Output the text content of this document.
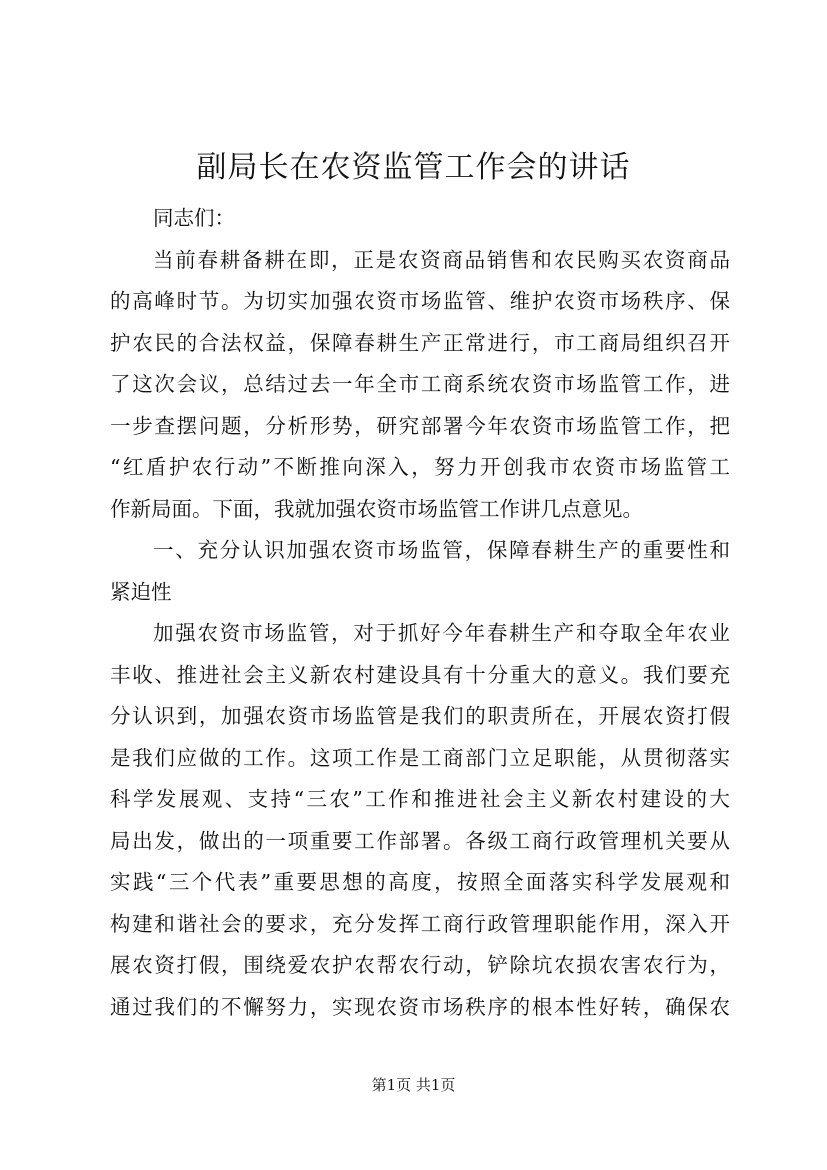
副局长在农资监管工作会的讲话
同志们：
当前春耕备耕在即，正是农资商品销售和农民购买农资商品
的高峰时节。为切实加强农资市场监管、维护农资市场秩序、保
护农民的合法权益，保障春耕生产正常进行，市工商局组织召开
了这次会议，总结过去一年全市工商系统农资市场监管工作，进
一步查摆问题，分析形势，研究部署今年农资市场监管工作，把
“红盾护农行动”不断推向深入，努力开创我市农资市场监管工
作新局面。下面，我就加强农资市场监管工作讲几点意见。
一、充分认识加强农资市场监管，保障春耕生产的重要性和
紧迫性
加强农资市场监管，对于抓好今年春耕生产和夺取全年农业
丰收、推进社会主义新农村建设具有十分重大的意义。我们要充
分认识到，加强农资市场监管是我们的职责所在，开展农资打假
是我们应做的工作。这项工作是工商部门立足职能，从贯彻落实
科学发展观、支持“三农”工作和推进社会主义新农村建设的大
局出发，做出的一项重要工作部署。各级工商行政管理机关要从
实践“三个代表”重要思想的高度，按照全面落实科学发展观和
构建和谐社会的要求，充分发挥工商行政管理职能作用，深入开
展农资打假，围绕爱农护农帮农行动，铲除坑农损农害农行为，
通过我们的不懈努力，实现农资市场秩序的根本性好转，确保农
第1页 共1页
